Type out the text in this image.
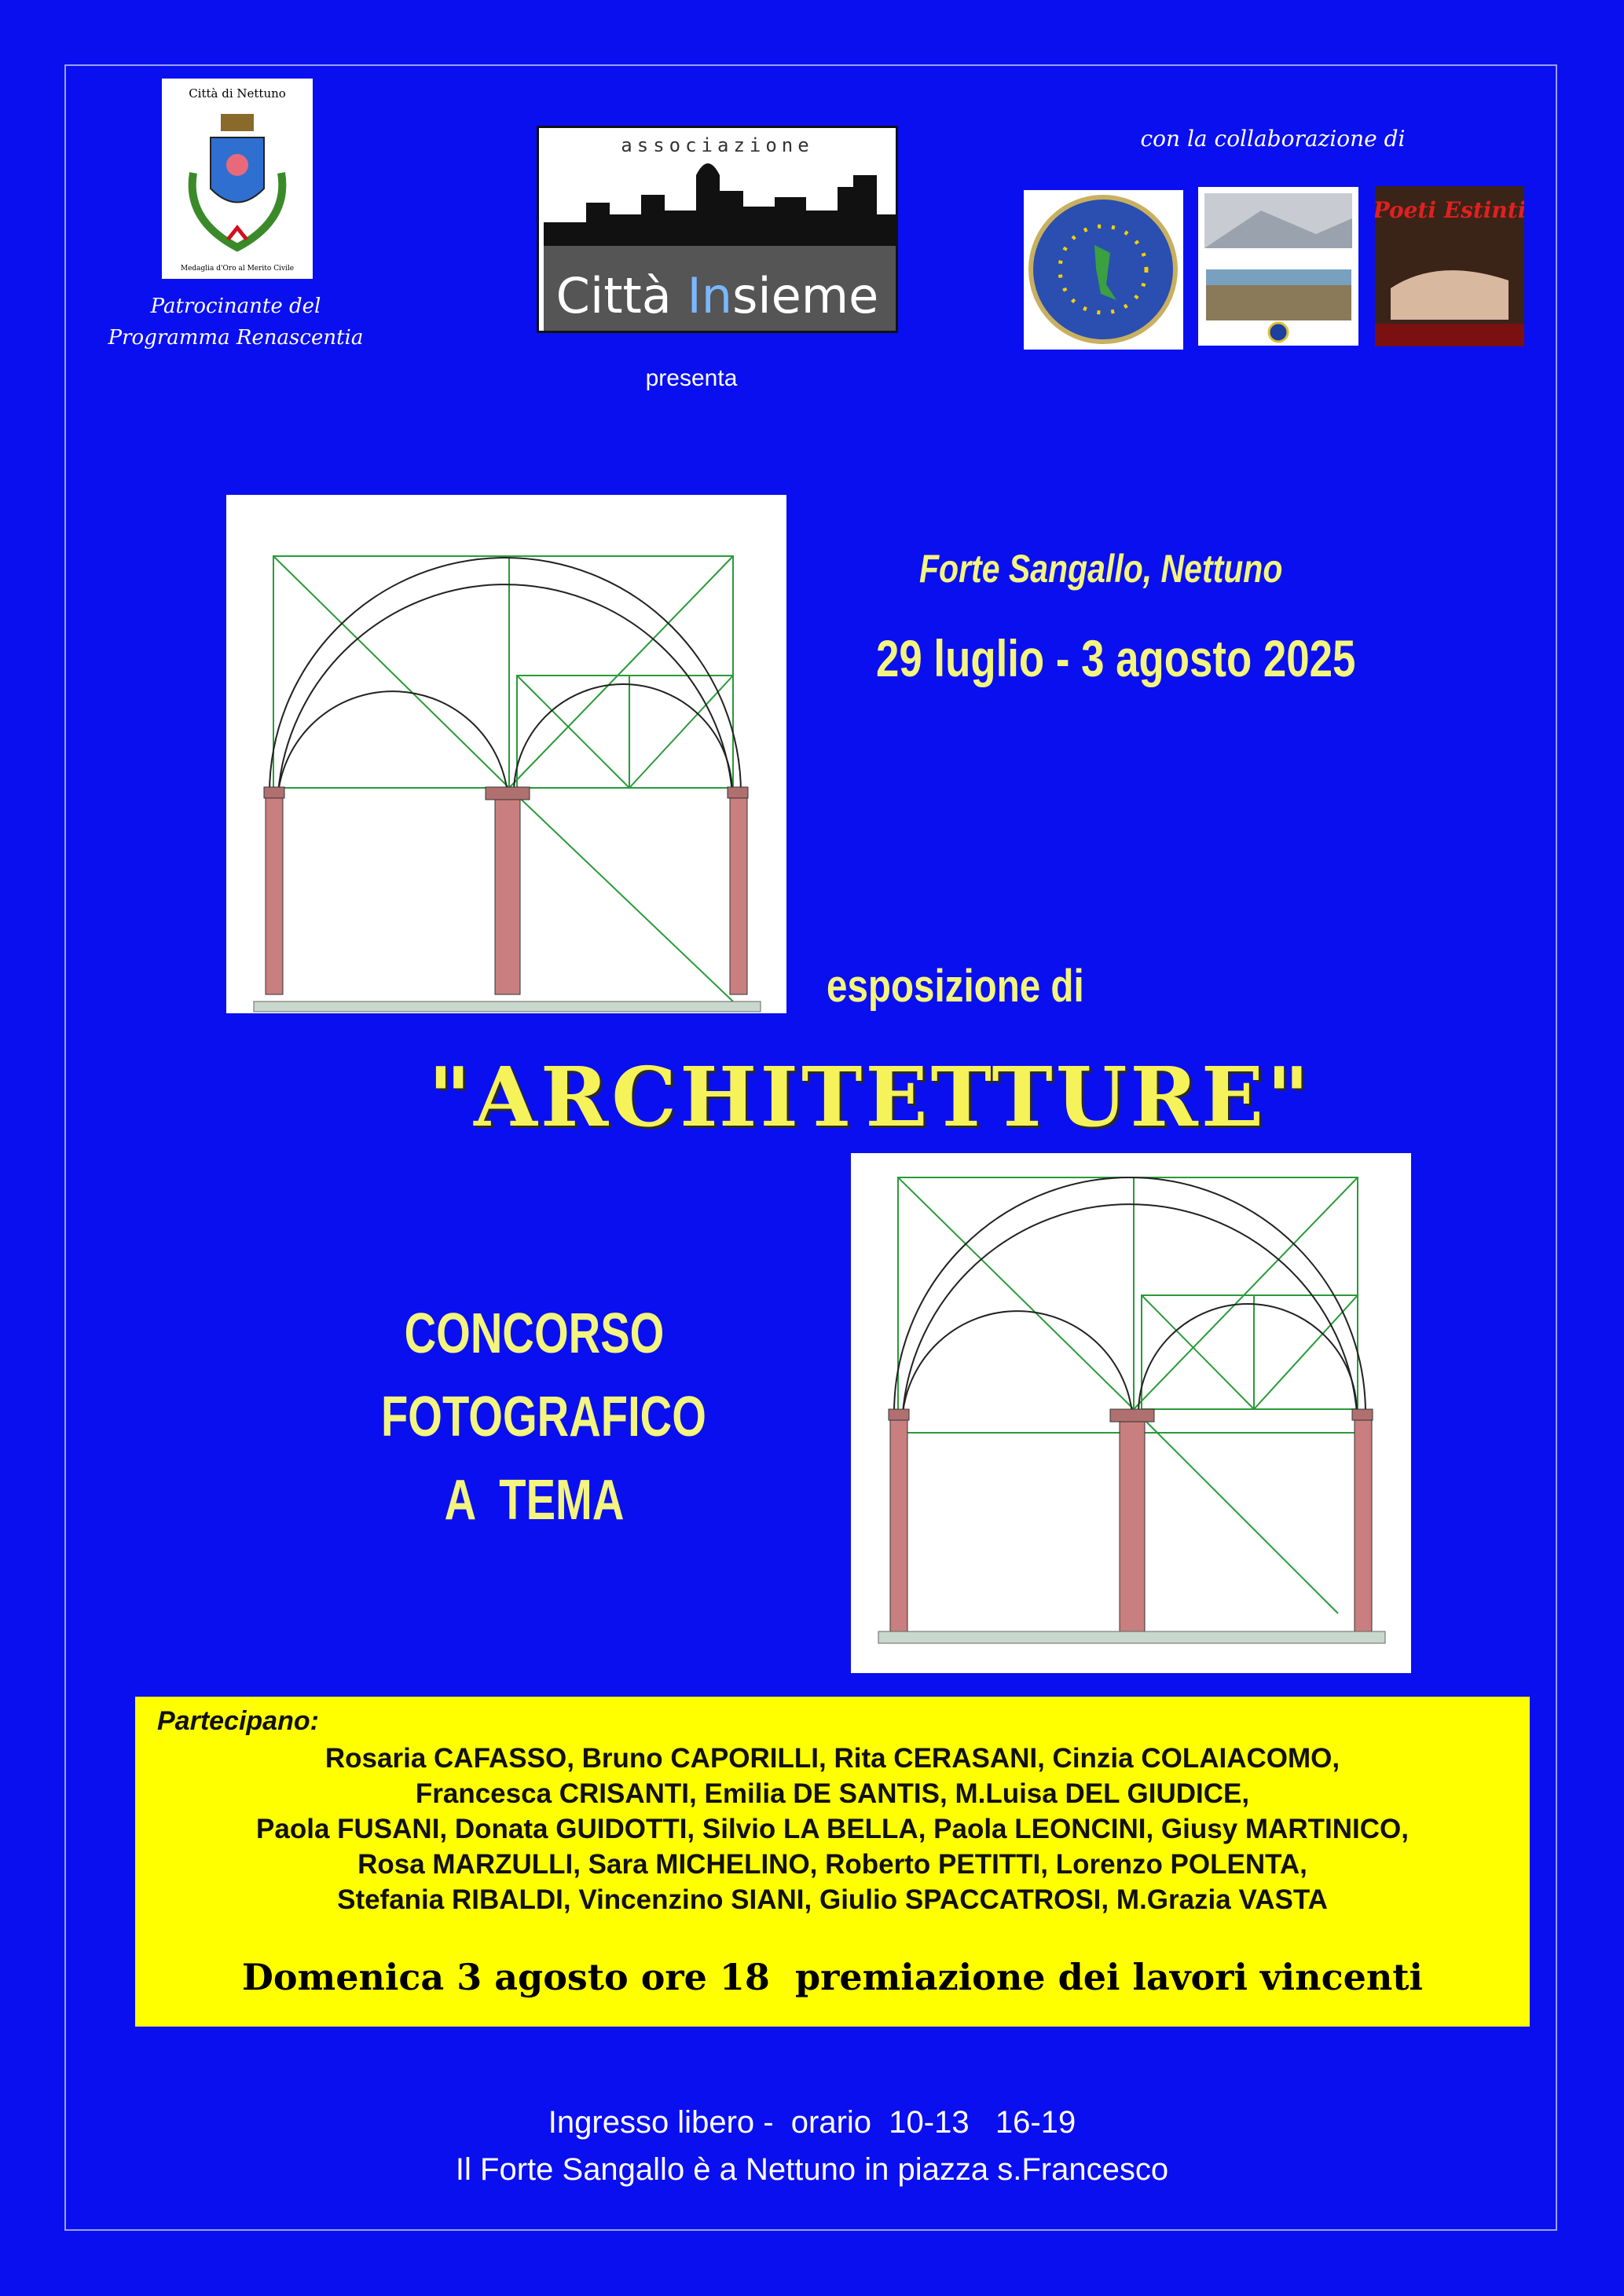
Città di Nettuno
Medaglia d'Oro al Merito Civile
Patrocinante del
Programma Renascentia
associazione
Città Insieme
presenta
con la collaborazione di
Poeti Estinti
Forte Sangallo, Nettuno
29 luglio - 3 agosto 2025
esposizione di
"ARCHITETTURE"
CONCORSO
FOTOGRAFICO
A  TEMA
Partecipano:
Rosaria CAFASSO, Bruno CAPORILLI, Rita CERASANI, Cinzia COLAIACOMO,
Francesca CRISANTI, Emilia DE SANTIS, M.Luisa DEL GIUDICE,
Paola FUSANI, Donata GUIDOTTI, Silvio LA BELLA, Paola LEONCINI, Giusy MARTINICO,
Rosa MARZULLI, Sara MICHELINO, Roberto PETITTI, Lorenzo POLENTA,
Stefania RIBALDI, Vincenzino SIANI, Giulio SPACCATROSI, M.Grazia VASTA
Domenica 3 agosto ore 18  premiazione dei lavori vincenti
Ingresso libero -  orario  10-13   16-19
Il Forte Sangallo è a Nettuno in piazza s.Francesco
